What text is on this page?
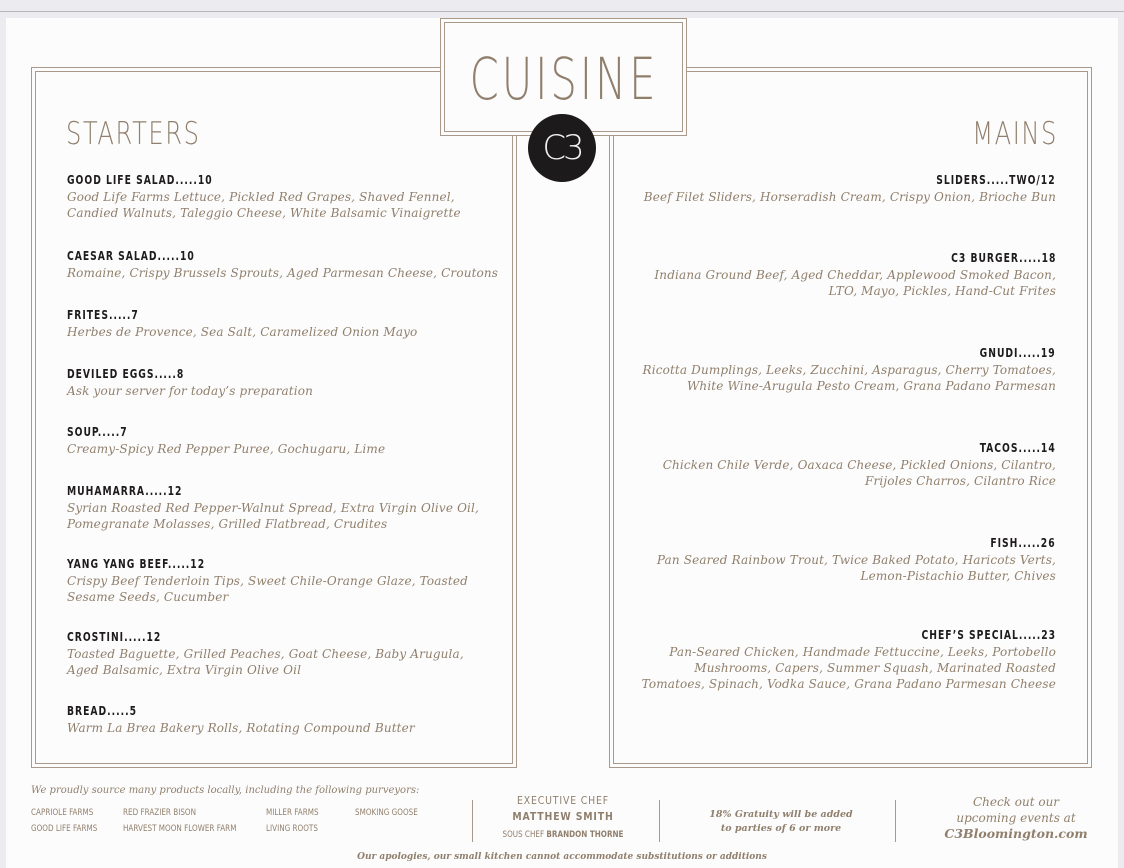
CUISINE
C3
STARTERS	MAINS
GOOD LIFE SALAD.....10
Good Life Farms Lettuce, Pickled Red Grapes, Shaved Fennel,
Candied Walnuts, Taleggio Cheese, White Balsamic Vinaigrette
CAESAR SALAD.....10
Romaine, Crispy Brussels Sprouts, Aged Parmesan Cheese, Croutons
FRITES.....7
Herbes de Provence, Sea Salt, Caramelized Onion Mayo
DEVILED EGGS.....8
Ask your server for today’s preparation
SOUP.....7
Creamy-Spicy Red Pepper Puree, Gochugaru, Lime
MUHAMARRA.....12
Syrian Roasted Red Pepper-Walnut Spread, Extra Virgin Olive Oil,
Pomegranate Molasses, Grilled Flatbread, Crudites
YANG YANG BEEF.....12
Crispy Beef Tenderloin Tips, Sweet Chile-Orange Glaze, Toasted
Sesame Seeds, Cucumber
CROSTINI.....12
Toasted Baguette, Grilled Peaches, Goat Cheese, Baby Arugula,
Aged Balsamic, Extra Virgin Olive Oil
BREAD.....5
Warm La Brea Bakery Rolls, Rotating Compound Butter
SLIDERS.....TWO/12
Beef Filet Sliders, Horseradish Cream, Crispy Onion, Brioche Bun
C3 BURGER.....18
Indiana Ground Beef, Aged Cheddar, Applewood Smoked Bacon,
LTO, Mayo, Pickles, Hand-Cut Frites
GNUDI.....19
Ricotta Dumplings, Leeks, Zucchini, Asparagus, Cherry Tomatoes,
White Wine-Arugula Pesto Cream, Grana Padano Parmesan
TACOS.....14
Chicken Chile Verde, Oaxaca Cheese, Pickled Onions, Cilantro,
Frijoles Charros, Cilantro Rice
FISH.....26
Pan Seared Rainbow Trout, Twice Baked Potato, Haricots Verts,
Lemon-Pistachio Butter, Chives
CHEF’S SPECIAL.....23
Pan-Seared Chicken, Handmade Fettuccine, Leeks, Portobello
Mushrooms, Capers, Summer Squash, Marinated Roasted
Tomatoes, Spinach, Vodka Sauce, Grana Padano Parmesan Cheese
We proudly source many products locally, including the following purveyors:
CAPRIOLE FARMS
GOOD LIFE FARMS
RED FRAZIER BISON
HARVEST MOON FLOWER FARM
MILLER FARMS
LIVING ROOTS
SMOKING GOOSE
EXECUTIVE CHEF
MATTHEW SMITH
SOUS CHEF BRANDON THORNE
18% Gratuity will be added
to parties of 6 or more
Check out our
upcoming events at
C3Bloomington.com
Our apologies, our small kitchen cannot accommodate substitutions or additions
